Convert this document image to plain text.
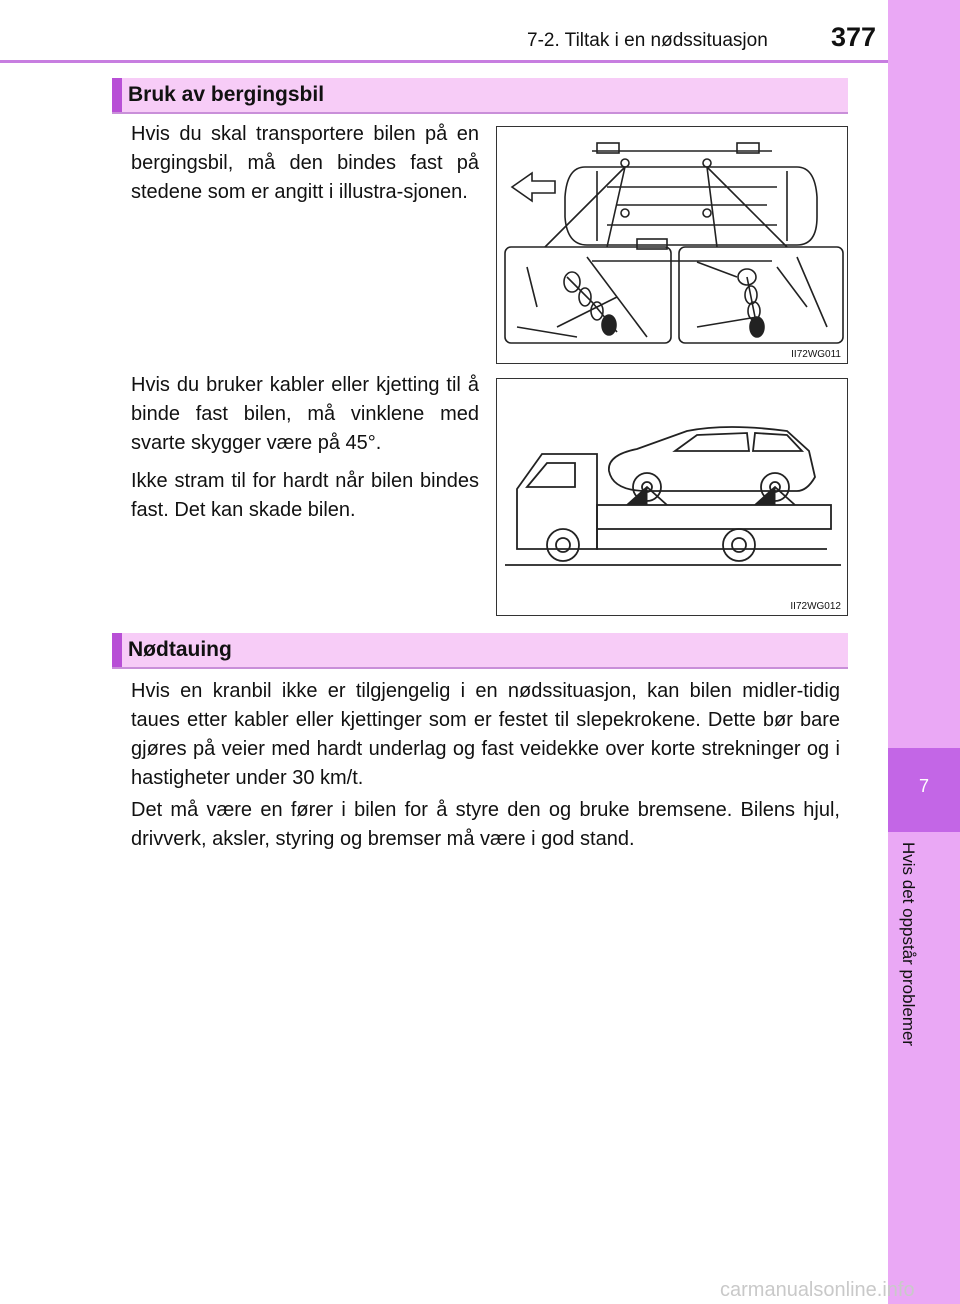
7-2. Tiltak i en nødssituasjon 377
7
Hvis det oppstår problemer
Bruk av bergingsbil

Hvis du skal transportere bilen på en bergingsbil, må den bindes fast på stedene som er angitt i illustra-sjonen.

Hvis du bruker kabler eller kjetting til å binde fast bilen, må vinklene med svarte skygger være på 45°.

Ikke stram til for hardt når bilen bindes fast. Det kan skade bilen.

II72WG011
II72WG012
Nødtauing

Hvis en kranbil ikke er tilgjengelig i en nødssituasjon, kan bilen midler-tidig taues etter kabler eller kjettinger som er festet til slepekrokene. Dette bør bare gjøres på veier med hardt underlag og fast veidekke over korte strekninger og i hastigheter under 30 km/t.

Det må være en fører i bilen for å styre den og bruke bremsene. Bilens hjul, drivverk, aksler, styring og bremser må være i god stand.

carmanualsonline.info
